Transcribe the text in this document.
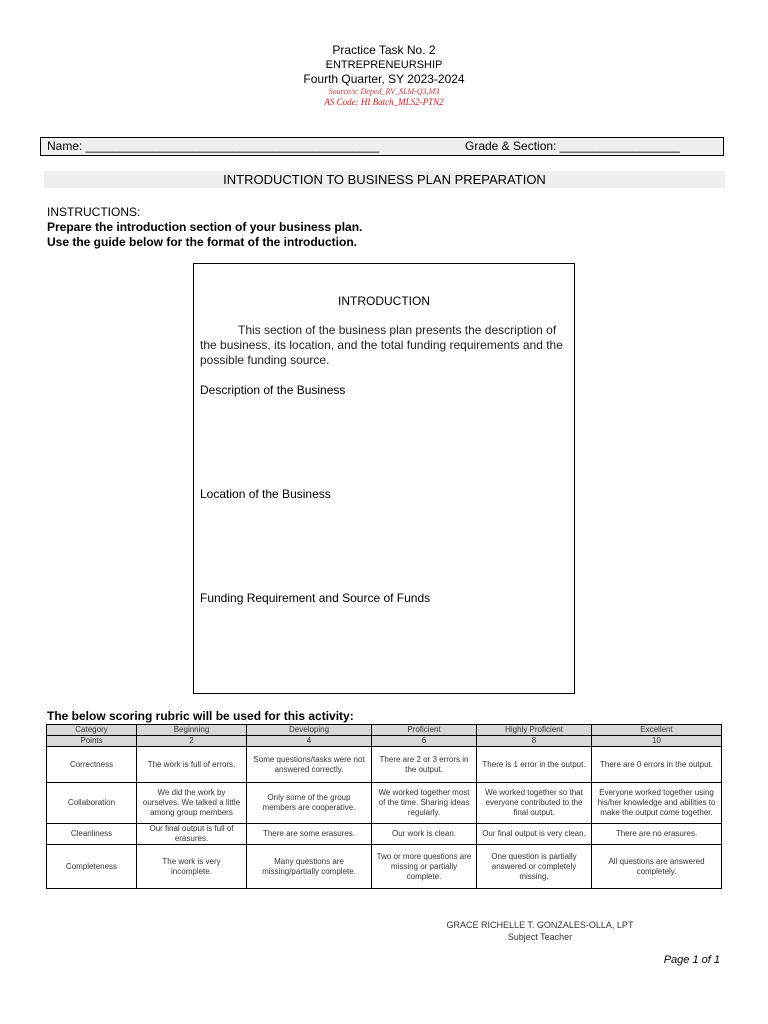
Practice Task No. 2
ENTREPRENEURSHIP
Fourth Quarter, SY 2023-2024
Source/s: Deped_RV_SLM-Q3,M3
AS Code: HI Batch_MLS2-PTN2
Name: ____________________________________________	Grade & Section: __________________
INTRODUCTION TO BUSINESS PLAN PREPARATION
INSTRUCTIONS:
Prepare the introduction section of your business plan.
Use the guide below for the format of the introduction.
INTRODUCTION
This section of the business plan presents the description of the business, its location, and the total funding requirements and the possible funding source.
Description of the Business
Location of the Business
Funding Requirement and Source of Funds
The below scoring rubric will be used for this activity:
Category	Beginning	Developing	Proficient	Highly Proficient	Excellent
Points	2	4	6	8	10
Correctness	The work is full of errors.	Some questions/tasks were not answered correctly.	There are 2 or 3 errors in the output.	There is 1 error in the output.	There are 0 errors in the output.
Collaboration	We did the work by ourselves. We talked a little among group members	Only some of the group members are cooperative.	We worked together most of the time. Sharing ideas regularly.	We worked together so that everyone contributed to the final output.	Everyone worked together using his/her knowledge and abilities to make the output come together.
Cleanliness	Our final output is full of erasures.	There are some erasures.	Our work is clean.	Our final output is very clean.	There are no erasures.
Completeness	The work is very incomplete.	Many questions are missing/partially complete.	Two or more questions are missing or partially complete.	One question is partially answered or completely missing.	All questions are answered completely.
GRACE RICHELLE T. GONZALES-OLLA, LPT
Subject Teacher
Page 1 of 1
